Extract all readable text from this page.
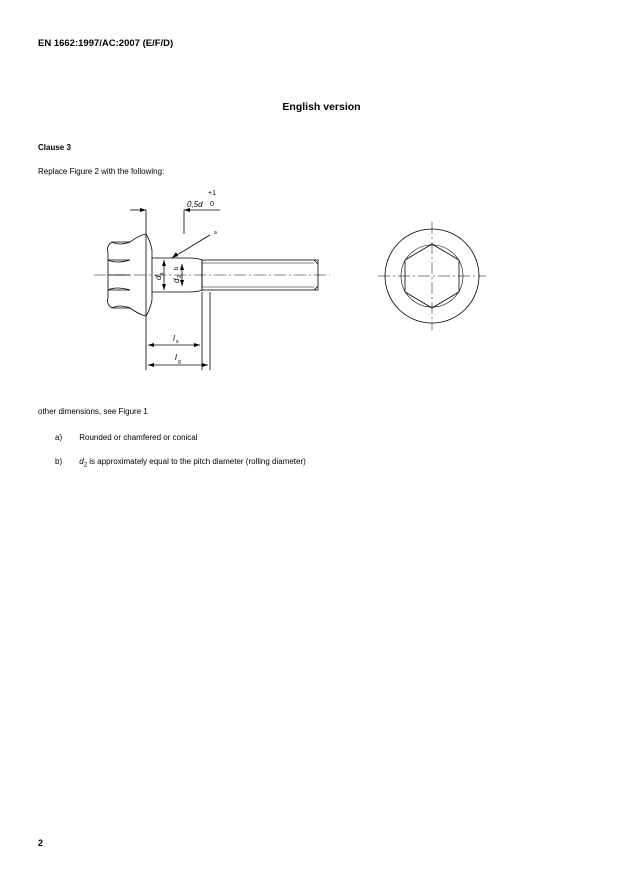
EN 1662:1997/AC:2007 (E/F/D)
English version
Clause 3
Replace Figure 2 with the following:
0,5d
+1
0
a
d
s
d
2
b
l s
l g
other dimensions, see Figure 1
a) Rounded or chamfered or conical
b) $d_2$ is approximately equal to the pitch diameter (rolling diameter)
2
